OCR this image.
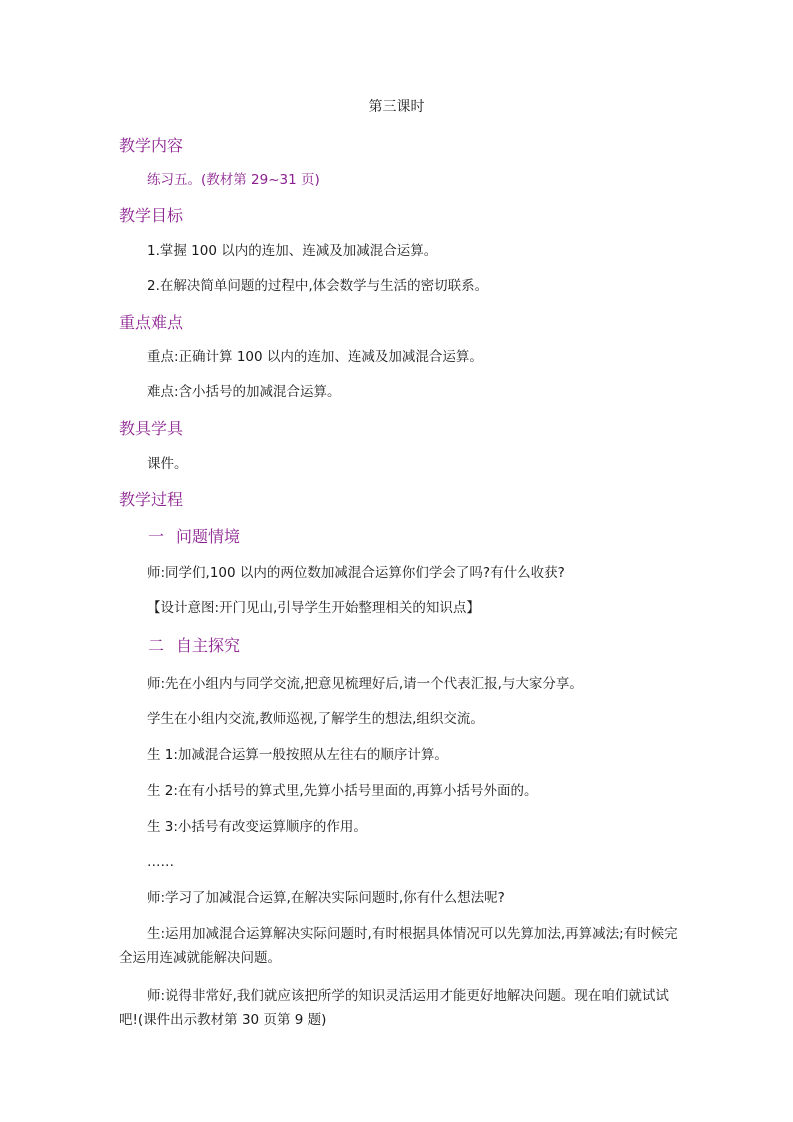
第三课时
教学内容
练习五。(教材第 29~31 页)
教学目标
1.掌握 100 以内的连加、连减及加减混合运算。
2.在解决简单问题的过程中,体会数学与生活的密切联系。
重点难点
重点:正确计算 100 以内的连加、连减及加减混合运算。
难点:含小括号的加减混合运算。
教具学具
课件。
教学过程
一 问题情境
师:同学们,100 以内的两位数加减混合运算你们学会了吗?有什么收获?
【设计意图:开门见山,引导学生开始整理相关的知识点】
二 自主探究
师:先在小组内与同学交流,把意见梳理好后,请一个代表汇报,与大家分享。
学生在小组内交流,教师巡视,了解学生的想法,组织交流。
生 1:加减混合运算一般按照从左往右的顺序计算。
生 2:在有小括号的算式里,先算小括号里面的,再算小括号外面的。
生 3:小括号有改变运算顺序的作用。
……
师:学习了加减混合运算,在解决实际问题时,你有什么想法呢?
生:运用加减混合运算解决实际问题时,有时根据具体情况可以先算加法,再算减法;有时候完全运用连减就能解决问题。
师:说得非常好,我们就应该把所学的知识灵活运用才能更好地解决问题。现在咱们就试试吧!(课件出示教材第 30 页第 9 题)
